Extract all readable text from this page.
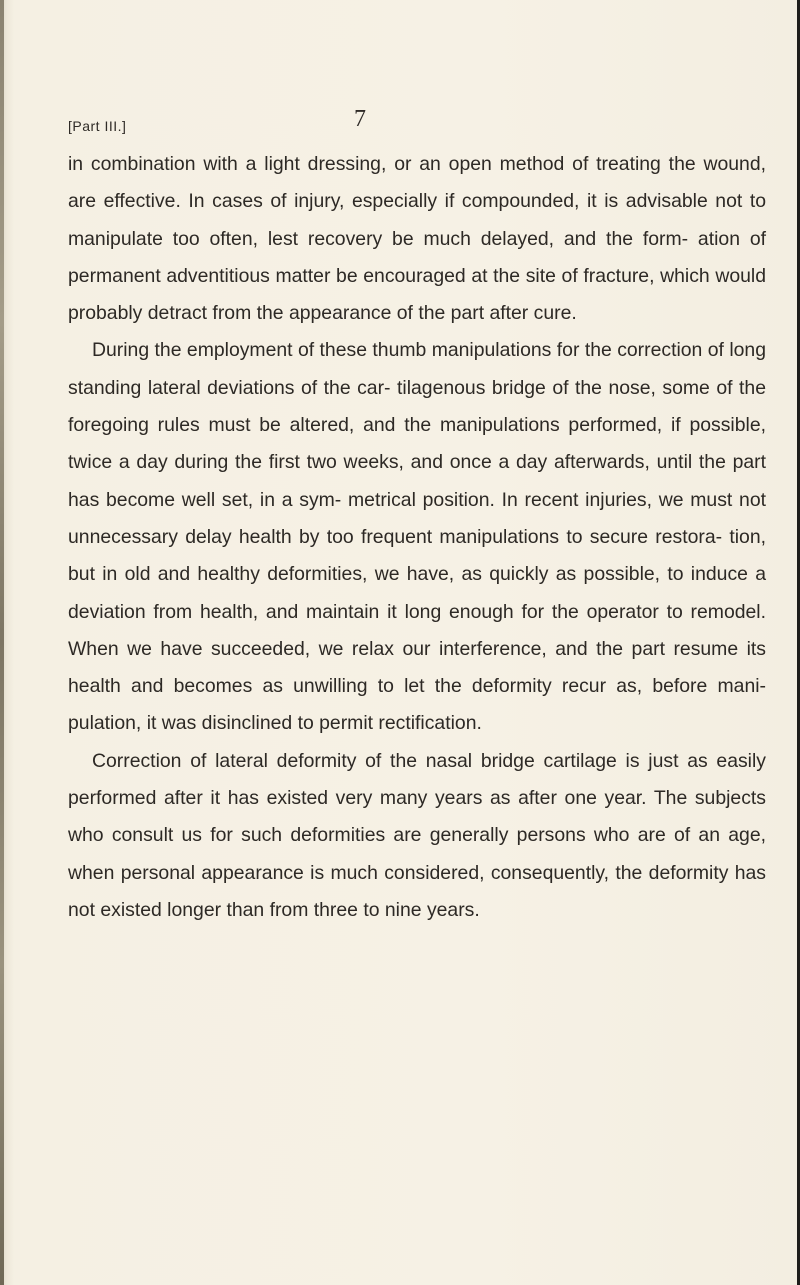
[Part III.]	7

in combination with a light dressing, or an open method of treating the wound, are effective. In cases of injury, especially if compounded, it is advisable not to manipulate too often, lest recovery be much delayed, and the form- ation of permanent adventitious matter be encouraged at the site of fracture, which would probably detract from the appearance of the part after cure.

During the employment of these thumb manipulations for the correction of long standing lateral deviations of the car- tilagenous bridge of the nose, some of the foregoing rules must be altered, and the manipulations performed, if possible, twice a day during the first two weeks, and once a day afterwards, until the part has become well set, in a sym- metrical position. In recent injuries, we must not unnecessary delay health by too frequent manipulations to secure restora- tion, but in old and healthy deformities, we have, as quickly as possible, to induce a deviation from health, and maintain it long enough for the operator to remodel. When we have succeeded, we relax our interference, and the part resume its health and becomes as unwilling to let the deformity recur as, before mani- pulation, it was disinclined to permit rectification.

Correction of lateral deformity of the nasal bridge cartilage is just as easily performed after it has existed very many years as after one year. The subjects who consult us for such deformities are generally persons who are of an age, when personal appearance is much considered, consequently, the deformity has not existed longer than from three to nine years.
